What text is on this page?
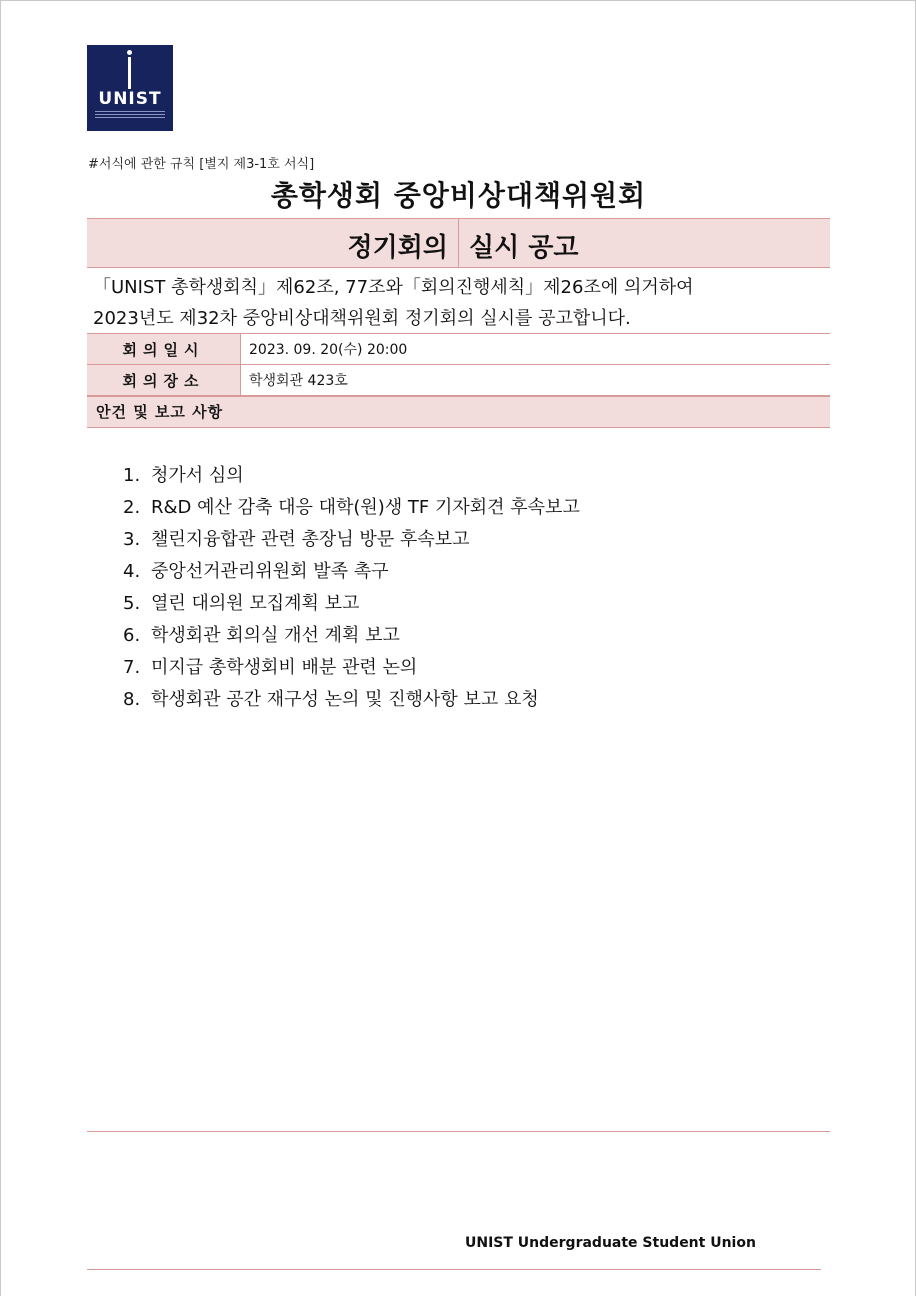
UNIST
#서식에 관한 규칙 [별지 제3-1호 서식]
총학생회 중앙비상대책위원회
정기회의 실시 공고
「UNIST 총학생회칙」제62조, 77조와「회의진행세칙」제26조에 의거하여
2023년도 제32차 중앙비상대책위원회 정기회의 실시를 공고합니다.
회의일시	2023. 09. 20(수) 20:00
회의장소	학생회관 423호
안건 및 보고 사항
1. 청가서 심의
2. R&D 예산 감축 대응 대학(원)생 TF 기자회견 후속보고
3. 챌린지융합관 관련 총장님 방문 후속보고
4. 중앙선거관리위원회 발족 촉구
5. 열린 대의원 모집계획 보고
6. 학생회관 회의실 개선 계획 보고
7. 미지급 총학생회비 배분 관련 논의
8. 학생회관 공간 재구성 논의 및 진행사항 보고 요청
UNIST Undergraduate Student Union
